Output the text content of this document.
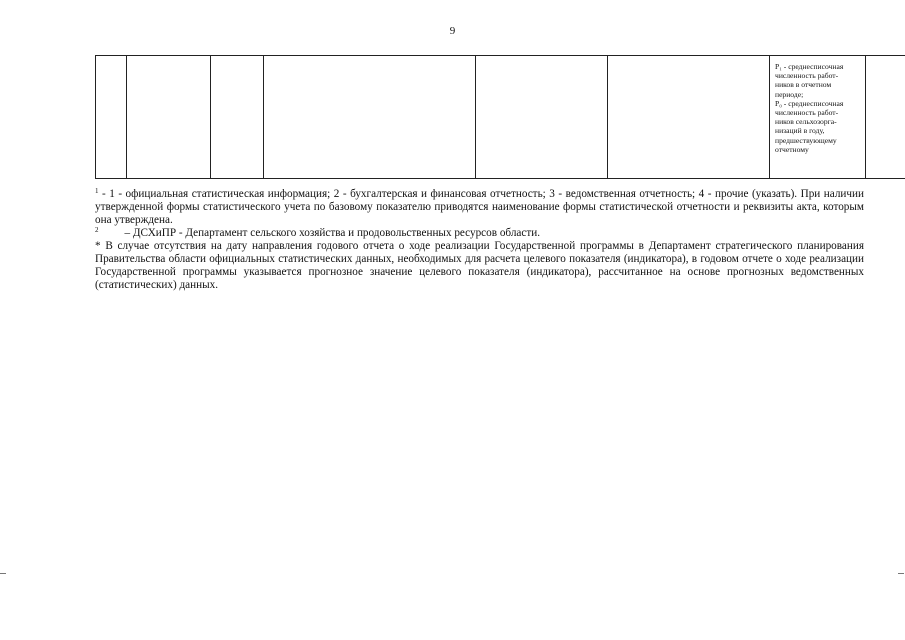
9

P₁ - среднесписочная
численность работ-
ников в отчетном
периоде;
P₀ - среднесписочная
численность работ-
ников сельхозорга-
низаций в году,
предшествующему
отчетному

$^1$ - 1 - официальная статистическая информация; 2 - бухгалтерская и финансовая отчетность; 3 - ведомственная отчетность; 4 - прочие (указать). При наличии утвержденной формы статистического учета по базовому показателю приводятся наименование формы статистической отчетности и реквизиты акта, которым она утверждена.

$^2$ – ДСХиПР - Департамент сельского хозяйства и продовольственных ресурсов области.

* В случае отсутствия на дату направления годового отчета о ходе реализации Государственной программы в Департамент стратегического планирования Правительства области официальных статистических данных, необходимых для расчета целевого показателя (индикатора), в годовом отчете о ходе реализации Государственной программы указывается прогнозное значение целевого показателя (индикатора), рассчитанное на основе прогнозных ведомственных (статистических) данных.
